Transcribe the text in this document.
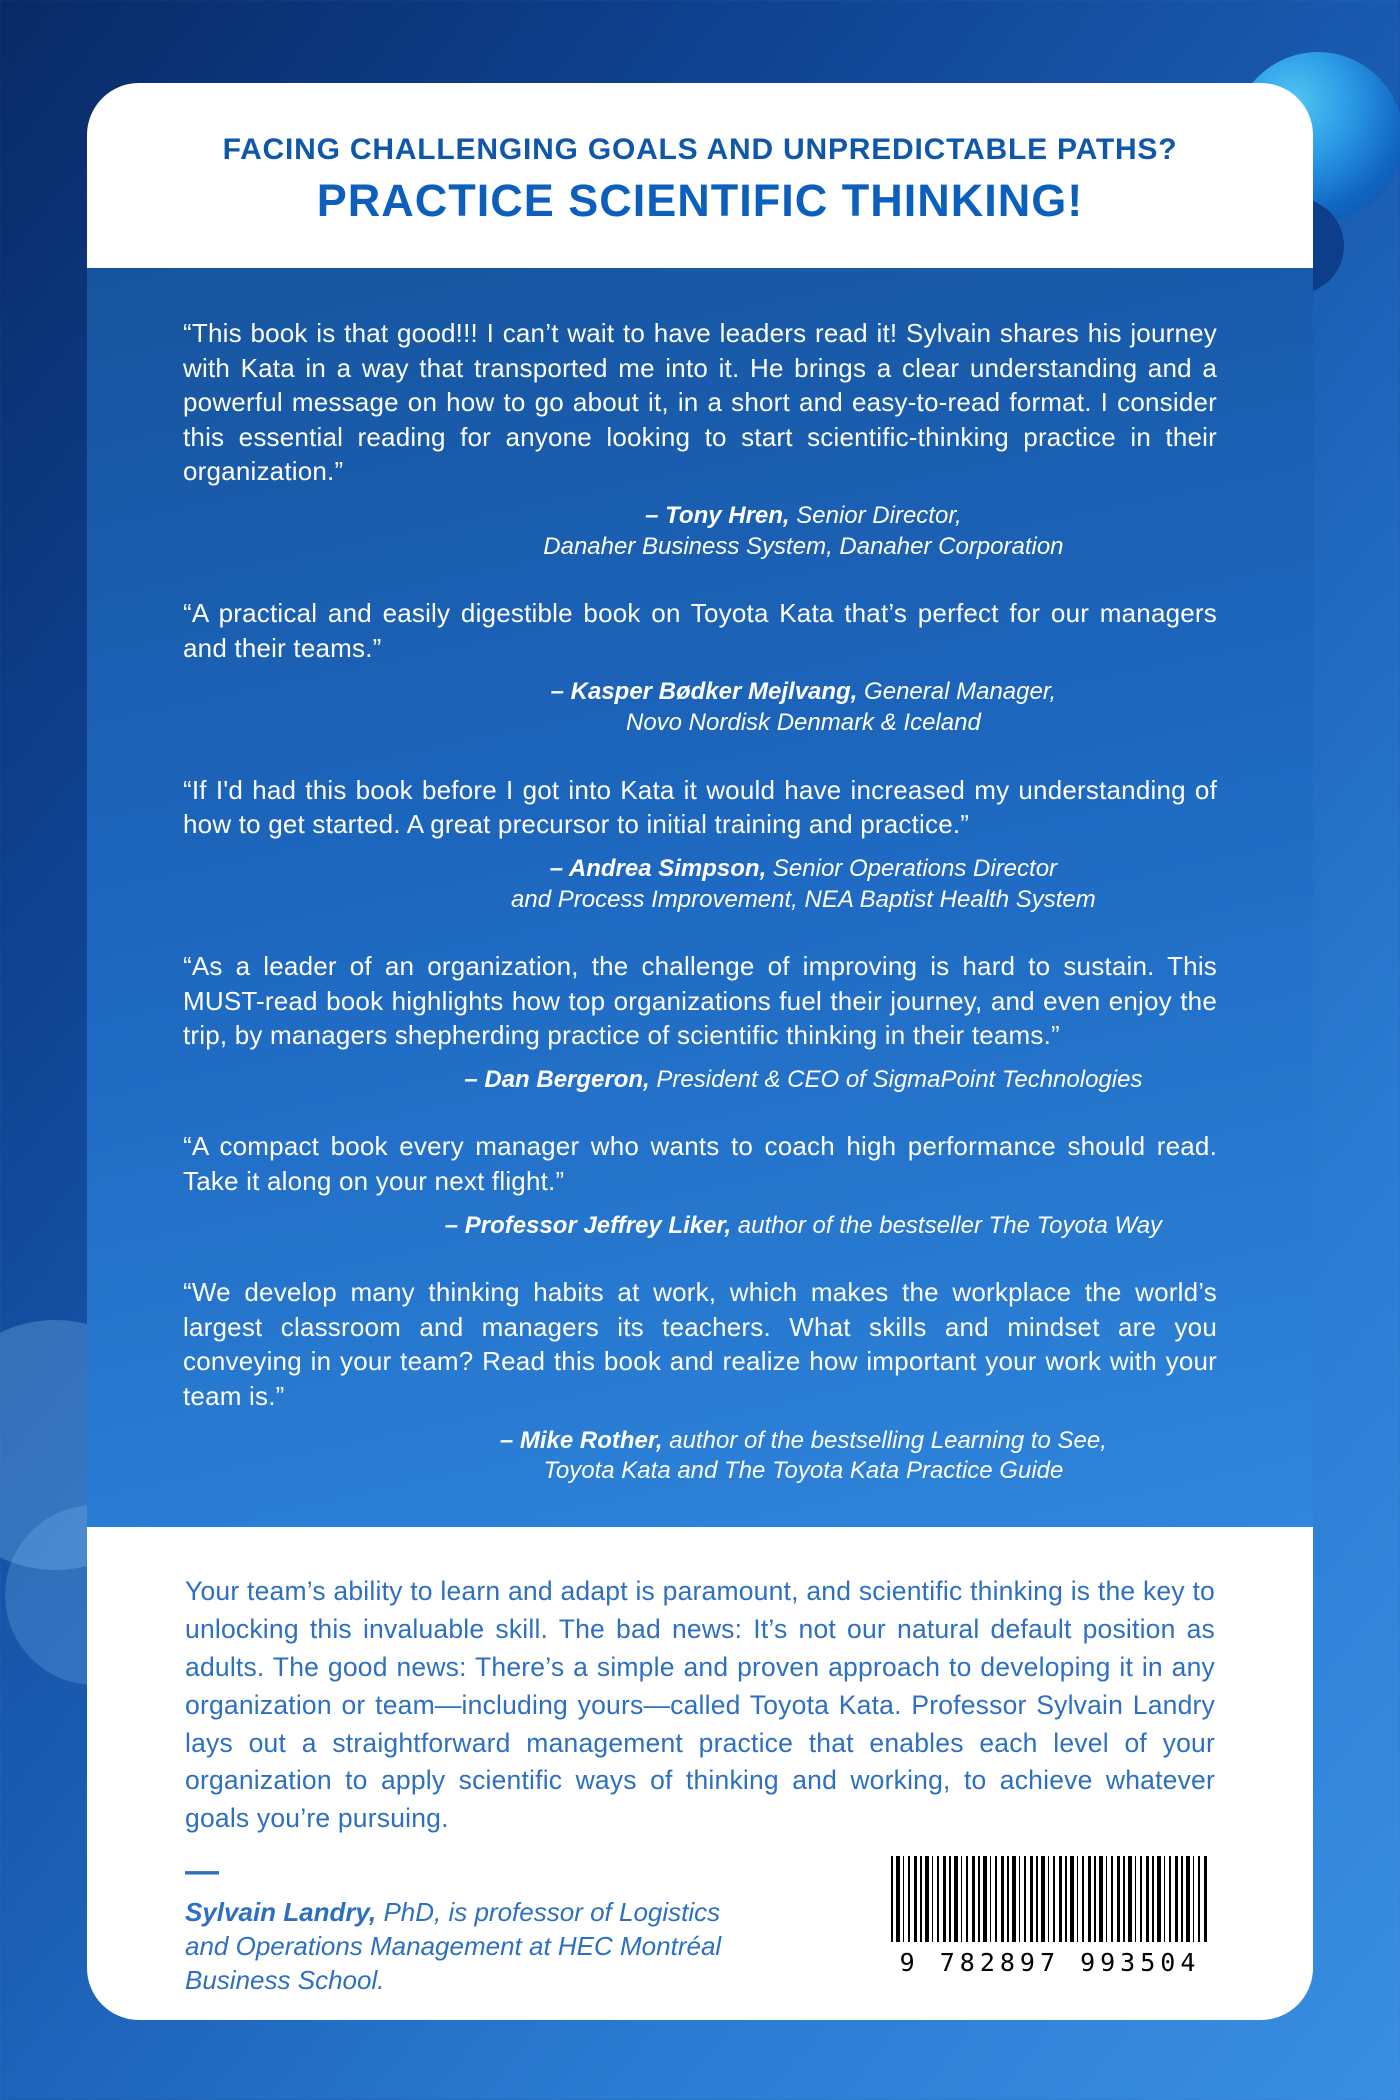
FACING CHALLENGING GOALS AND UNPREDICTABLE PATHS?
PRACTICE SCIENTIFIC THINKING!

“This book is that good!!! I can’t wait to have leaders read it! Sylvain shares his journey with Kata in a way that transported me into it. He brings a clear understanding and a powerful message on how to go about it, in a short and easy-to-read format. I consider this essential reading for anyone looking to start scientific-thinking practice in their organization.”

– Tony Hren, Senior Director,
Danaher Business System, Danaher Corporation

“A practical and easily digestible book on Toyota Kata that’s perfect for our managers and their teams.”

– Kasper Bødker Mejlvang, General Manager,
Novo Nordisk Denmark & Iceland

“If I'd had this book before I got into Kata it would have increased my understanding of how to get started. A great precursor to initial training and practice.”

– Andrea Simpson, Senior Operations Director
and Process Improvement, NEA Baptist Health System

“As a leader of an organization, the challenge of improving is hard to sustain. This MUST-read book highlights how top organizations fuel their journey, and even enjoy the trip, by managers shepherding practice of scientific thinking in their teams.”

– Dan Bergeron, President & CEO of SigmaPoint Technologies

“A compact book every manager who wants to coach high performance should read. Take it along on your next flight.”

– Professor Jeffrey Liker, author of the bestseller The Toyota Way

“We develop many thinking habits at work, which makes the workplace the world’s largest classroom and managers its teachers. What skills and mindset are you conveying in your team? Read this book and realize how important your work with your team is.”

– Mike Rother, author of the bestselling Learning to See,
Toyota Kata and The Toyota Kata Practice Guide

Your team’s ability to learn and adapt is paramount, and scientific thinking is the key to unlocking this invaluable skill. The bad news: It’s not our natural default position as adults. The good news: There’s a simple and proven approach to developing it in any organization or team—including yours—called Toyota Kata. Professor Sylvain Landry lays out a straightforward management practice that enables each level of your organization to apply scientific ways of thinking and working, to achieve whatever goals you’re pursuing.

—

Sylvain Landry, PhD, is professor of Logistics and Operations Management at HEC Montréal Business School.

9 782897 993504
